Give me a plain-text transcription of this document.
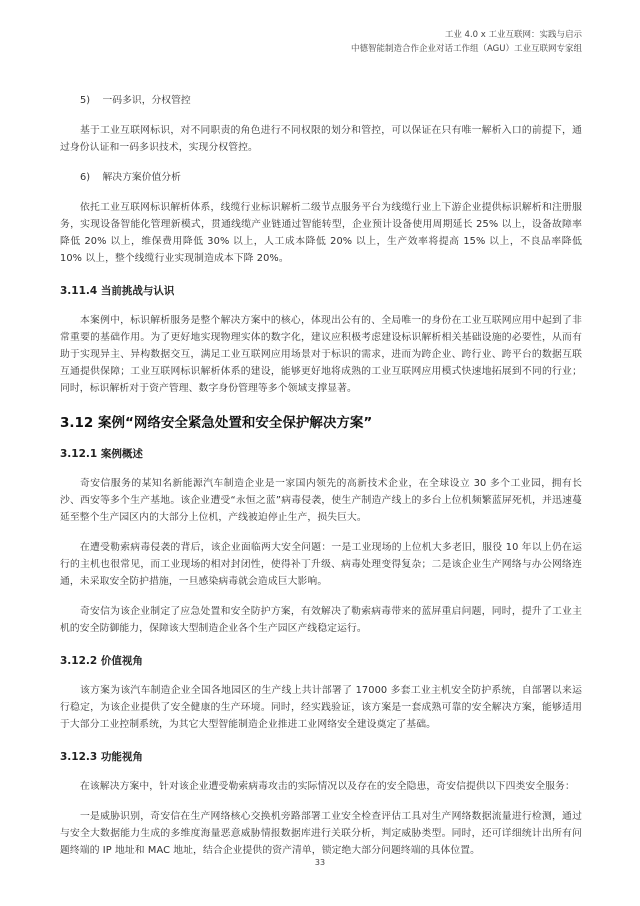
工业 4.0 x 工业互联网：实践与启示
中德智能制造合作企业对话工作组（AGU）工业互联网专家组
5)    一码多识，分权管控

基于工业互联网标识，对不同职责的角色进行不同权限的划分和管控，可以保证在只有唯一解析入口的前提下，通过身份认证和一码多识技术，实现分权管控。

6)    解决方案价值分析

依托工业互联网标识解析体系，线缆行业标识解析二级节点服务平台为线缆行业上下游企业提供标识解析和注册服务，实现设备智能化管理新模式，贯通线缆产业链通过智能转型，企业预计设备使用周期延长 25% 以上，设备故障率降低 20% 以上，维保费用降低 30% 以上，人工成本降低 20% 以上，生产效率将提高 15% 以上，不良品率降低 10% 以上，整个线缆行业实现制造成本下降 20%。

3.11.4 当前挑战与认识

本案例中，标识解析服务是整个解决方案中的核心，体现出公有的、全局唯一的身份在工业互联网应用中起到了非常重要的基础作用。为了更好地实现物理实体的数字化，建议应积极考虑建设标识解析相关基础设施的必要性，从而有助于实现异主、异构数据交互，满足工业互联网应用场景对于标识的需求，进而为跨企业、跨行业、跨平台的数据互联互通提供保障；工业互联网标识解析体系的建设，能够更好地将成熟的工业互联网应用模式快速地拓展到不同的行业；同时，标识解析对于资产管理、数字身份管理等多个领域支撑显著。

3.12 案例“网络安全紧急处置和安全保护解决方案”
3.12.1 案例概述

奇安信服务的某知名新能源汽车制造企业是一家国内领先的高新技术企业，在全球设立 30 多个工业园，拥有长沙、西安等多个生产基地。该企业遭受“永恒之蓝”病毒侵袭，使生产制造产线上的多台上位机频繁蓝屏死机，并迅速蔓延至整个生产园区内的大部分上位机，产线被迫停止生产，损失巨大。

在遭受勒索病毒侵袭的背后，该企业面临两大安全问题：一是工业现场的上位机大多老旧，服役 10 年以上仍在运行的主机也很常见，而工业现场的相对封闭性，使得补丁升级、病毒处理变得复杂；二是该企业生产网络与办公网络连通，未采取安全防护措施，一旦感染病毒就会造成巨大影响。

奇安信为该企业制定了应急处置和安全防护方案，有效解决了勒索病毒带来的蓝屏重启问题，同时，提升了工业主机的安全防御能力，保障该大型制造企业各个生产园区产线稳定运行。

3.12.2 价值视角

该方案为该汽车制造企业全国各地园区的生产线上共计部署了 17000 多套工业主机安全防护系统，自部署以来运行稳定，为该企业提供了安全健康的生产环境。同时，经实践验证，该方案是一套成熟可靠的安全解决方案，能够适用于大部分工业控制系统，为其它大型智能制造企业推进工业网络安全建设奠定了基础。

3.12.3 功能视角

在该解决方案中，针对该企业遭受勒索病毒攻击的实际情况以及存在的安全隐患，奇安信提供以下四类安全服务：

一是威胁识别，奇安信在生产网络核心交换机旁路部署工业安全检查评估工具对生产网络数据流量进行检测，通过与安全大数据能力生成的多维度海量恶意威胁情报数据库进行关联分析，判定威胁类型。同时，还可详细统计出所有问题终端的 IP 地址和 MAC 地址，结合企业提供的资产清单，锁定绝大部分问题终端的具体位置。

33
